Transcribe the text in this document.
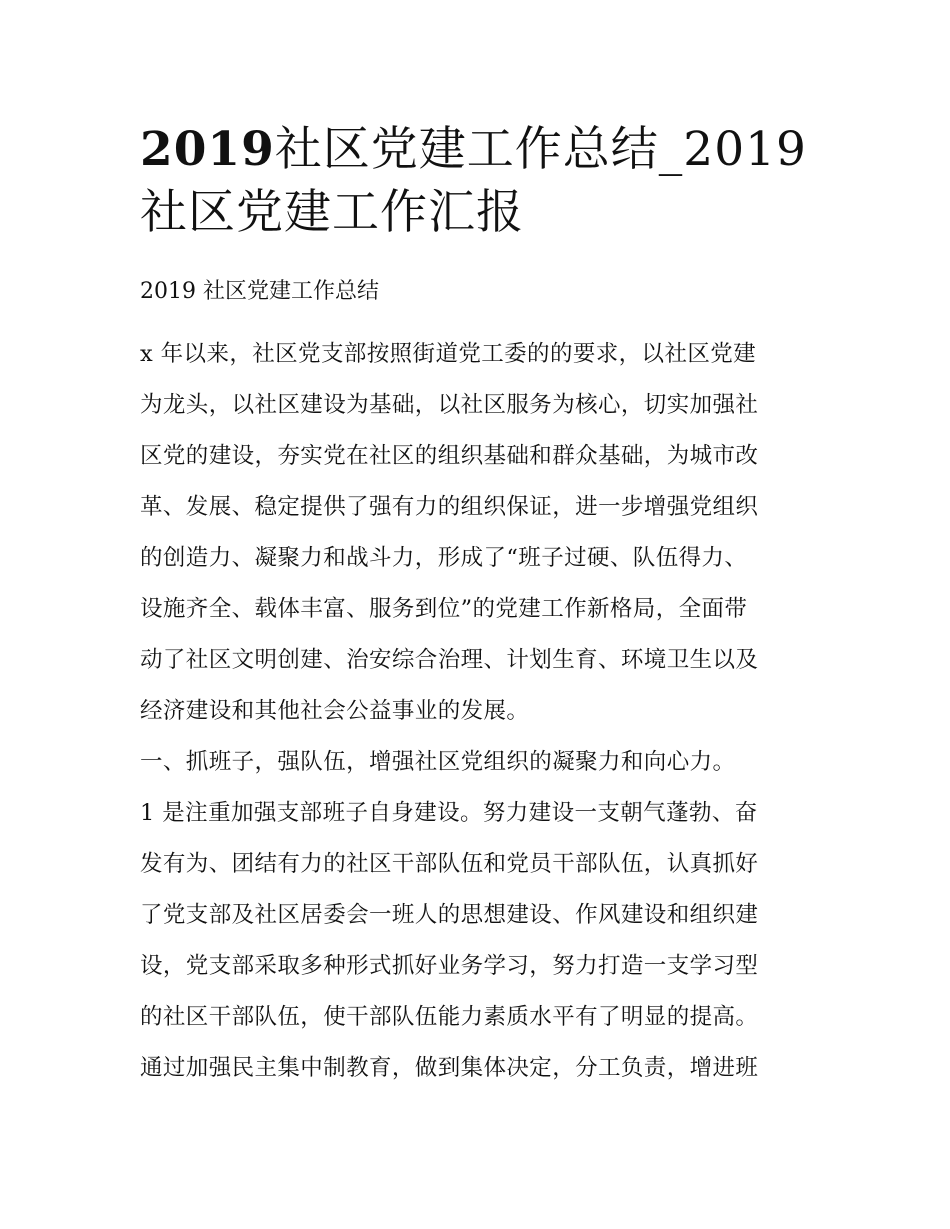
2019社区党建工作总结_2019
社区党建工作汇报
2019 社区党建工作总结
x 年以来，社区党支部按照街道党工委的的要求，以社区党建
为龙头，以社区建设为基础，以社区服务为核心，切实加强社
区党的建设，夯实党在社区的组织基础和群众基础，为城市改
革、发展、稳定提供了强有力的组织保证，进一步增强党组织
的创造力、凝聚力和战斗力，形成了“班子过硬、队伍得力、
设施齐全、载体丰富、服务到位”的党建工作新格局，全面带
动了社区文明创建、治安综合治理、计划生育、环境卫生以及
经济建设和其他社会公益事业的发展。
一、抓班子，强队伍，增强社区党组织的凝聚力和向心力。
1 是注重加强支部班子自身建设。努力建设一支朝气蓬勃、奋
发有为、团结有力的社区干部队伍和党员干部队伍，认真抓好
了党支部及社区居委会一班人的思想建设、作风建设和组织建
设，党支部采取多种形式抓好业务学习，努力打造一支学习型
的社区干部队伍，使干部队伍能力素质水平有了明显的提高。
通过加强民主集中制教育，做到集体决定，分工负责，增进班
